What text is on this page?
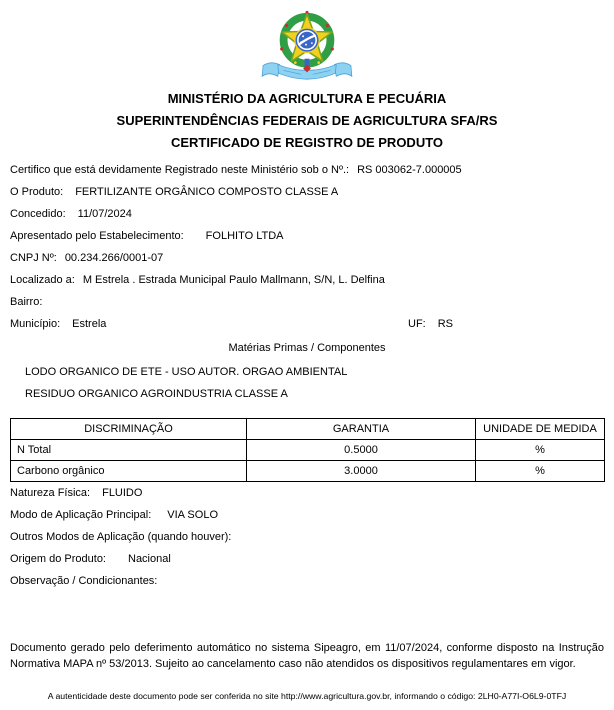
MINISTÉRIO DA AGRICULTURA E PECUÁRIA
SUPERINTENDÊNCIAS FEDERAIS DE AGRICULTURA SFA/RS
CERTIFICADO DE REGISTRO DE PRODUTO
Certifico que está devidamente Registrado neste Ministério sob o Nº.: RS 003062-7.000005
O Produto: FERTILIZANTE ORGÂNICO COMPOSTO CLASSE A
Concedido: 11/07/2024
Apresentado pelo Estabelecimento: FOLHITO LTDA
CNPJ Nº: 00.234.266/0001-07
Localizado a: M Estrela . Estrada Municipal Paulo Mallmann, S/N, L. Delfina
Bairro:
Município: Estrela	UF: RS
Matérias Primas / Componentes
LODO ORGANICO DE ETE - USO AUTOR. ORGAO AMBIENTAL
RESIDUO ORGANICO AGROINDUSTRIA CLASSE A
DISCRIMINAÇÃO	GARANTIA	UNIDADE DE MEDIDA
N Total	0.5000	%
Carbono orgânico	3.0000	%
Natureza Física: FLUIDO
Modo de Aplicação Principal: VIA SOLO
Outros Modos de Aplicação (quando houver):
Origem do Produto: Nacional
Observação / Condicionantes:
Documento gerado pelo deferimento automático no sistema Sipeagro, em 11/07/2024, conforme disposto na Instrução Normativa MAPA nº 53/2013. Sujeito ao cancelamento caso não atendidos os dispositivos regulamentares em vigor.
A autenticidade deste documento pode ser conferida no site http://www.agricultura.gov.br, informando o código: 2LH0-A77I-O6L9-0TFJ
